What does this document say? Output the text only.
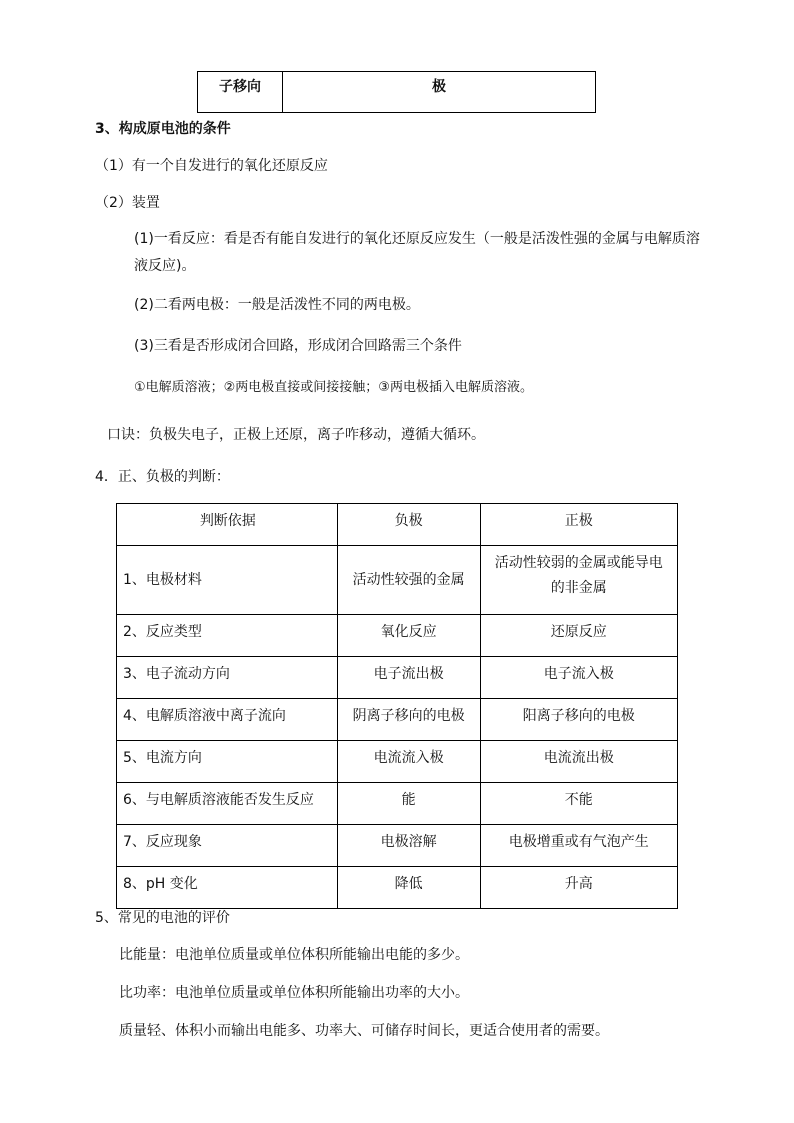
子移向	极
3、构成原电池的条件
（1）有一个自发进行的氧化还原反应
（2）装置
(1)一看反应：看是否有能自发进行的氧化还原反应发生（一般是活泼性强的金属与电解质溶
液反应)。
(2)二看两电极：一般是活泼性不同的两电极。
(3)三看是否形成闭合回路，形成闭合回路需三个条件
①电解质溶液；②两电极直接或间接接触；③两电极插入电解质溶液。
口诀：负极失电子，正极上还原，离子咋移动，遵循大循环。
4．正、负极的判断：
判断依据	负极	正极
1、电极材料	活动性较强的金属	活动性较弱的金属或能导电的非金属
2、反应类型	氧化反应	还原反应
3、电子流动方向	电子流出极	电子流入极
4、电解质溶液中离子流向	阴离子移向的电极	阳离子移向的电极
5、电流方向	电流流入极	电流流出极
6、与电解质溶液能否发生反应	能	不能
7、反应现象	电极溶解	电极增重或有气泡产生
8、pH 变化	降低	升高
5、常见的电池的评价
比能量：电池单位质量或单位体积所能输出电能的多少。
比功率：电池单位质量或单位体积所能输出功率的大小。
质量轻、体积小而输出电能多、功率大、可储存时间长，更适合使用者的需要。
